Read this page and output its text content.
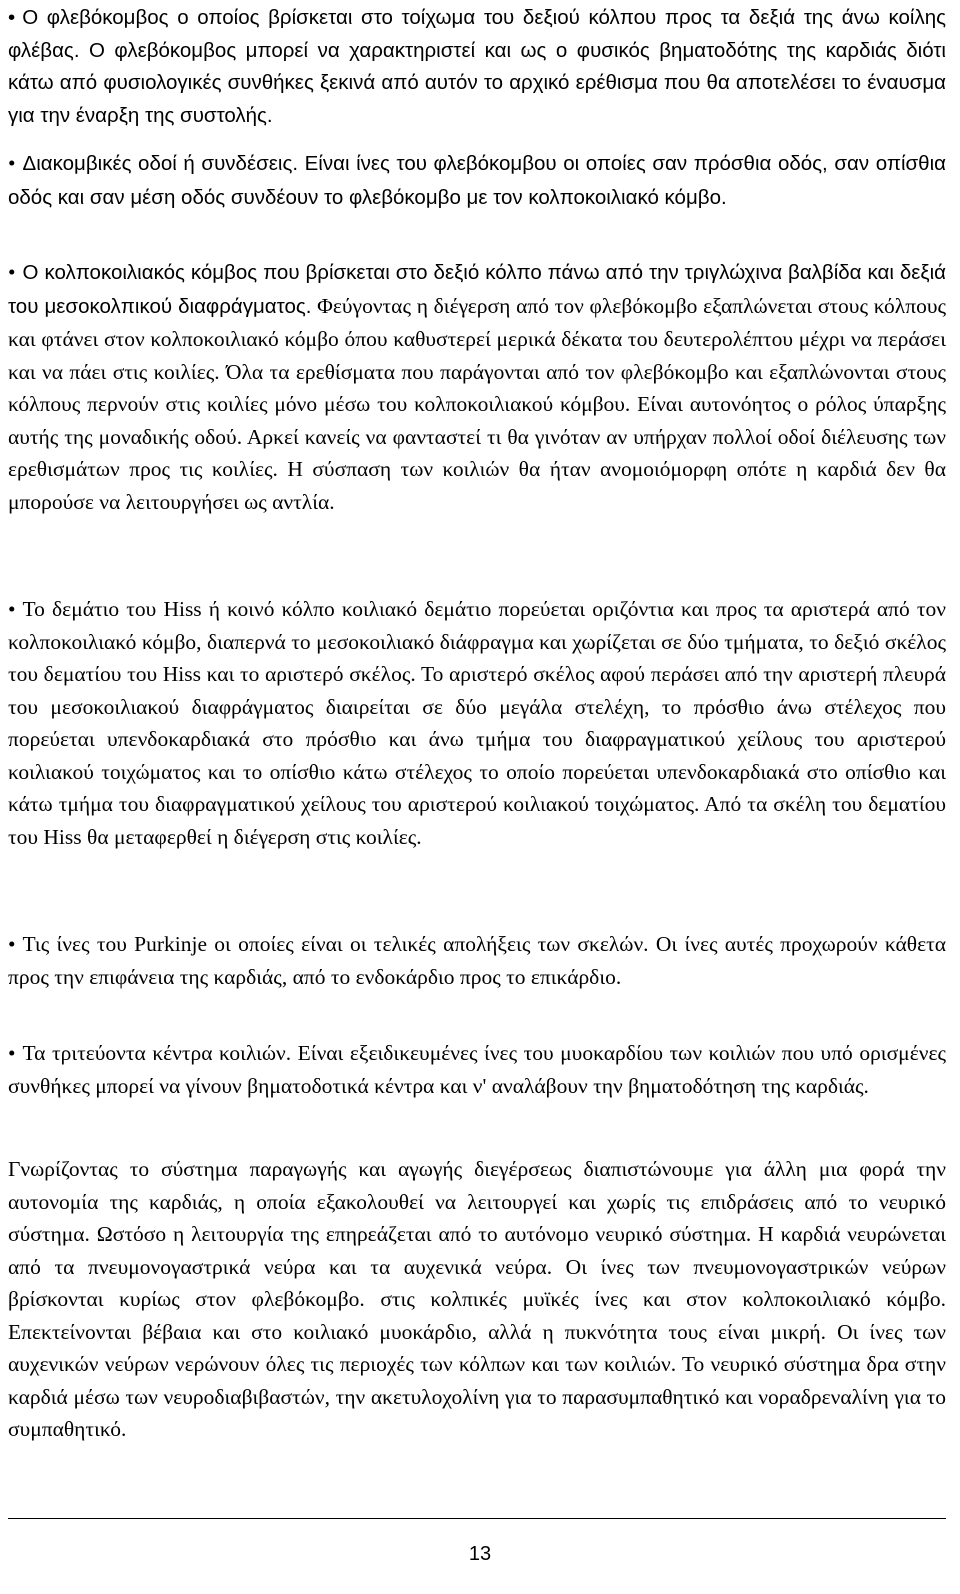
• Ο φλεβόκομβος ο οποίος βρίσκεται στο τοίχωμα του δεξιού κόλπου προς τα δεξιά της άνω κοίλης φλέβας. Ο φλεβόκομβος μπορεί να χαρακτηριστεί και ως ο φυσικός βηματοδότης της καρδιάς διότι κάτω από φυσιολογικές συνθήκες ξεκινά από αυτόν το αρχικό ερέθισμα που θα αποτελέσει το έναυσμα για την έναρξη της συστολής.

• Διακομβικές οδοί ή συνδέσεις. Είναι ίνες του φλεβόκομβου οι οποίες σαν πρόσθια οδός, σαν οπίσθια οδός και σαν μέση οδός συνδέουν το φλεβόκομβο με τον κολποκοιλιακό κόμβο.

• Ο κολποκοιλιακός κόμβος που βρίσκεται στο δεξιό κόλπο πάνω από την τριγλώχινα βαλβίδα και δεξιά του μεσοκολπικού διαφράγματος. Φεύγοντας η διέγερση από τον φλεβόκομβο εξαπλώνεται στους κόλπους και φτάνει στον κολποκοιλιακό κόμβο όπου καθυστερεί μερικά δέκατα του δευτερολέπτου μέχρι να περάσει και να πάει στις κοιλίες. Όλα τα ερεθίσματα που παράγονται από τον φλεβόκομβο και εξαπλώνονται στους κόλπους περνούν στις κοιλίες μόνο μέσω του κολποκοιλιακού κόμβου. Είναι αυτονόητος ο ρόλος ύπαρξης αυτής της μοναδικής οδού. Αρκεί κανείς να φανταστεί τι θα γινόταν αν υπήρχαν πολλοί οδοί διέλευσης των ερεθισμάτων προς τις κοιλίες. Η σύσπαση των κοιλιών θα ήταν ανομοιόμορφη οπότε η καρδιά δεν θα μπορούσε να λειτουργήσει ως αντλία.

• Το δεμάτιο του Hiss ή κοινό κόλπο κοιλιακό δεμάτιο πορεύεται οριζόντια και προς τα αριστερά από τον κολποκοιλιακό κόμβο, διαπερνά το μεσοκοιλιακό διάφραγμα και χωρίζεται σε δύο τμήματα, το δεξιό σκέλος του δεματίου του Hiss και το αριστερό σκέλος. Το αριστερό σκέλος αφού περάσει από την αριστερή πλευρά του μεσοκοιλιακού διαφράγματος διαιρείται σε δύο μεγάλα στελέχη, το πρόσθιο άνω στέλεχος που πορεύεται υπενδοκαρδιακά στο πρόσθιο και άνω τμήμα του διαφραγματικού χείλους του αριστερού κοιλιακού τοιχώματος και το οπίσθιο κάτω στέλεχος το οποίο πορεύεται υπενδοκαρδιακά στο οπίσθιο και κάτω τμήμα του διαφραγματικού χείλους του αριστερού κοιλιακού τοιχώματος. Από τα σκέλη του δεματίου του Hiss θα μεταφερθεί η διέγερση στις κοιλίες.

• Τις ίνες του Purkinje οι οποίες είναι οι τελικές απολήξεις των σκελών. Οι ίνες αυτές προχωρούν κάθετα προς την επιφάνεια της καρδιάς, από το ενδοκάρδιο προς το επικάρδιο.

• Τα τριτεύοντα κέντρα κοιλιών. Είναι εξειδικευμένες ίνες του μυοκαρδίου των κοιλιών που υπό ορισμένες συνθήκες μπορεί να γίνουν βηματοδοτικά κέντρα και ν' αναλάβουν την βηματοδότηση της καρδιάς.

Γνωρίζοντας το σύστημα παραγωγής και αγωγής διεγέρσεως διαπιστώνουμε για άλλη μια φορά την αυτονομία της καρδιάς, η οποία εξακολουθεί να λειτουργεί και χωρίς τις επιδράσεις από το νευρικό σύστημα. Ωστόσο η λειτουργία της επηρεάζεται από το αυτόνομο νευρικό σύστημα. Η καρδιά νευρώνεται από τα πνευμονογαστρικά νεύρα και τα αυχενικά νεύρα. Οι ίνες των πνευμονογαστρικών νεύρων βρίσκονται κυρίως στον φλεβόκομβο. στις κολπικές μυϊκές ίνες και στον κολποκοιλιακό κόμβο. Επεκτείνονται βέβαια και στο κοιλιακό μυοκάρδιο, αλλά η πυκνότητα τους είναι μικρή. Οι ίνες των αυχενικών νεύρων νερώνουν όλες τις περιοχές των κόλπων και των κοιλιών. Το νευρικό σύστημα δρα στην καρδιά μέσω των νευροδιαβιβαστών, την ακετυλοχολίνη για το παρασυμπαθητικό και νοραδρεναλίνη για το συμπαθητικό.

13
